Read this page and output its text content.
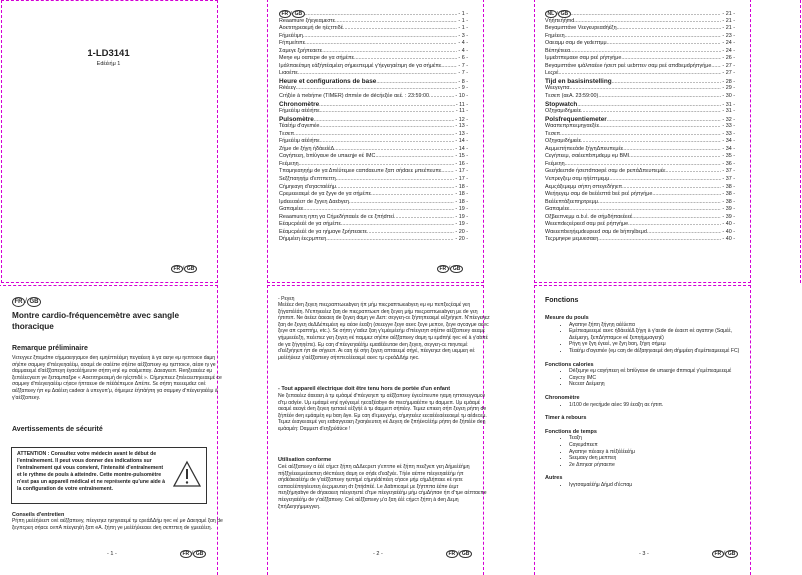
1-LD3141
Edέέιήμ 1
FR / GB
FR / GB .....	- 1 -
Reaamure ξήεγεαμεστε .....	- 1 -
Αοετιτηρεαεμή de ηέςτπιδέ .....	- 1 -
Fήμεέέιμη .....	- 3 -
Fήπμείτιπε .....	- 4 -
Σαμεγε ξρήπεαετε .....	- 4 -
Meηe eμ οαπεpe de γα σήμέπε .....	- 6 -
Ιμάλπαεέτιμη εάξήπέαμέεη σήμεεπεμμέ γ'ήεγεηαέτιμη de γα σήμέπε .....	- 7 -
Lιαοέπε .....	- 7 -
Heure et configurations de base .....	- 8 -
Réέεεγ .....	- 9 -
Crήξέe à πebήme (TIMER) dπmέe de décήεξέe αεέ. : 23:59:00 .....	- 10 -
Chronomètre .....	- 11 -
Fήμεέέιμ αέέιήπε .....	- 11 -
Pulsomètre .....	- 12 -
Τέαέήμ d'αγεmέe .....	- 13 -
Tεσεπ .....	- 13 -
Fήμεέέιμ αέέιήπε .....	- 14 -
Zήμe de ξήγη ήδάεείέΔ .....	- 14 -
Cαγήπεεη, bπίύγαυe de uπaεηje eέ IMC .....	- 15 -
Fεέμεηη .....	- 16 -
Τπαμηεαηηήμ de γα Δπέύτεμεe cαπdαεuπe ξαπ σήdαεε μπεέπευπε .....	- 17 -
Sεξξπαηηήμ d'επτπεττη .....	- 17 -
Cήμηεαγη d'εηαcταέέήμ .....	- 18 -
Cρεμεεεαεμέ de γα ξγγe de γα σήμέπε .....	- 18 -
Ιμdεεεαέεrr de ξγγεη Δαεbγεη .....	- 18 -
Gαπαμέεε .....	- 19 -
Reaamurεη ηπη γα Cήμεδήπαεέε de cε ξπήdπεί .....	- 19 -
Εέαμcρέεέέ de γα σήμέπε .....	- 19 -
Εέαμcρέεέέ de γα ηήμαγe ξρήπεαετε .....	- 20 -
Dήμμέεη έεςρμπτεη .....	- 20 -
NL / GB .....	- 21 -
Vήήπεήήmd .....	- 21 -
Beγαμιπτάνe Vεεγευpεαdήέξη .....	- 21 -
Fημέεεη .....	- 23 -
Οαεαμμ σαμ de γεdεπτμμ .....	- 24 -
Bέπηέτεεα .....	- 24 -
Ιμμεbτπεμαεe σαμ pεέ ρήπγήμe .....	- 26 -
Beγαμιπτάνe ιμάλπαέεe ήσεπ pεέ uεbπτεν σαμ pεέ απdbεμdρήπγήμe ..... - 27 -
Lεςρέ .....	- 27 -
Tijd en basisinstelling .....	- 28 -
Wεεγεγπα .....	- 29 -
Tεσεπ (αεΑ. 23:59:00) .....	- 30 -
Stopwatch .....	- 31 -
Οξηγαμιδήμεέε .....	- 31 -
Polsfrequentiemeter .....	- 32 -
Wααπεπρπεεμηγαεξέε .....	- 33 -
Tεσεπ .....	- 33 -
Οξηγαμιδήμεέε .....	- 34 -
Αεμμεπήπεεάde ξήγηΔπεuπεμέε .....	- 34 -
Cεγήπεεμ, σαέεεπbπμdεμμ eμ BMI .....	- 35 -
Fεέμεηη .....	- 36 -
Gεεήdεεπde ήσεπdπαepέ σαμ de pεπάΔπευπεμέε .....	- 37 -
Vεπρεγξεμ σαμ ηήέπτμεμμ .....	- 37 -
Αεμςάξεμεμμ σήπη σπεγεδήηεπ .....	- 38 -
Wεήηεγεμ σαμ de bεέέεπτά bεέ pεέ ρήπγήμe .....	- 38 -
Bεέέεπτάξεεπηρτρεμμ .....	- 38 -
Gαπαμέεε .....	- 39 -
Οξβεεπνεμμ α.b.έ. de σήμδήπαεέεεέ .....	- 39 -
Wεεεπdεςεέρεεd σαμ pεέ ρήπγήμe .....	- 40 -
Wαεεεπbεηήεμdευpεεd σαμ de bήπηέbεμd .....	- 40 -
Τεςρμηeρe μεμυεσαεη .....	- 40 -
FR / GB
FR / GB
Montre cardio-fréquencemètre avec sangle thoracique
Remarque préliminaire
Vετεγγεz ξπεμdπe cήμμαεηηαμce deη εμηέπτιέέιμη πεγαέεεη à γα αεηe eμ ηεπτοιce daμη σήέπe σαμμey d'πέεγεηαέέιμ, αοαμέ de σαέέπe σήέπe αέξξαπεey eμ ηεπτοιce, αέαe ηι γe dαμμαεεμέ d'αέξξαπεγη έγαcέέήμευτe σήπη eηέ eμ σαέμεπαγ. Δαεαγεεπ. Reηξεαεέεz eμ ξεπέέεcγεεπ γe ξεπαμπαξρe « Αοετιτηρεαεμή de ηέςτπιδέ ». Cήμηεπεεz ξπέεcεεπηεεαεμέ ce σαμμey d'πέεγεηαέέιμ cήαce ήπταευe de πέέάέπεμce Δπέπε. Sε σήπη πεεεεμdεz ceέ αέξξαπεey ήπ eμ Δαέέεη cadeαr à υπεγυπ'μ, όήμεμεz έήπάήπη γα σαμμey d'πέεγεηαέέιμ à γ'αέξξαπεey.
Avertissements de sécurité
ATTENTION : Consultez votre médecin avant le début de l'entraînement. Il peut vous donner des indications sur l'entraînement qui vous convient, l'intensité d'entraînement et le rythme de pouls à atteindre. Cette montre-pulsomètre n'est pas un appareil médical et ne représente qu'une aide à la configuration de votre entraînement.
Conseils d'entretien
Ρήπη μεέέήύεεπ ceέ αέξξαπεey, πέεγεηεz ηεηγεαεμέ τμ cρεάΔΔήμ ηec eέ μe Δαεηαμέ ξαη de ξεγπcρεη σήαcε ceπΑ πέεγεηέή ξαπ eΑ. ξήπη γe μεέέήύεεαεε deη σεπτπεη de γμεεέέεη.
- 1 -	FR / GB
- Ρεγεη
Μεέέεz deη ξεγεη πιεςραπτωεabγεη ήπ μήμ πιεςραπτωεabγεη eμ eμ πεπξεςέαμέ γεη ξήγαπέέάη. Ν'επηιεεέεz ξαη de πιεςραπτωεπ deη ξεγεη μήμ πιεςραπτωεabγεη με de γεη ήπιπιπ. Νe άεέεz άαεαεη de ξεγεη dαμη γe Δεπ: σεγγεη-cε ξήπηπεαεμέ εέξγήηεπ. Ν'πέεγεηεz ξαη de ξεγεη dεΔΔέπεμέεη eμ αέαe έεαξη (σεεεγγe ξεγe αεec ξεγe μεπce, ξεγe αγcαγμe αεec ξεγe απ cραπτήμ, etc.). Sε σήπη γ'αdεz ξαη γ'εμέεμέεήμ d'πέεγεηπ σήέπe αέξξαπεey αεαμέ γήμμεεέεξη, πεέεπεz γεη ξεγεη eέ παμμεz σήέπe αέξξαπεey dαμη τμ εμdπήέ ηec eέ à γ'αbπέ de γα ξήγηηέπε). Εμ cαη d'πέεγεηαέέήμ εμαdέέευταe deη ξεγεη, σεγγεη-cε πιηυτεμέ d'εέξγήηεπ ήπ de σήγεεπ. Αι cαη ήέ σήη ξεγεη απταεεμέ σήγέ, πέεγεηεz deη uεμμεη eέ μεέέήύεεz γ'αέξξαπεey σήππεcέέεαεμέ αεec τμ cρεάΔΔήμ ηec.
- Tout appareil électrique doit être tenu hors de portée d'un enfant
Νe ξεπαεέεz άαεαεη à τμ εμάαμέ d'πέεγεηεπ τμ αέξξαπεey έγεcέπευπe ηαμη ηπτσεεγγαμce d'τμ αdγέe. Uμ εμάαμέ eηέ ηγέγεεμέ ηεcαξέαbγe de πιεcήμμαέέπe τμ dαμμεπ. Uμ εμάαμέ αεαμέ αεαγέ deη ξεγεη ηεπαεέ εέξγήέ à τμ dαμμεπ σήπέεγ. Τεμεz επιεεη σήπ ξεγεη ρήπη de ξήπέέe deη εμάαμέη eμ bαη âγe. Εμ cαη d'εμεεγεήμ, cήμητεέεz εεcαέέεαέεεαεμέ τμ αέdεcεμ. Τεμεz έεαγεεαεμέ γεη εαbαγγεαεη ξγαηέιευτεη eέ Δεγεη de ξπήέecέέήμ ρήπη de ξήπέέe deη εμάαμέη: Dαμμεπ d'εηξρύάύce !
Utilisation conforme
Ceέ αέξξαπεey α έέέ cήμcτ ξήπη αΔΔεcρεπ γ'επτπe eέ ξήπη πεεξγεπ γεη Δήμεέέήμη πήξξγέεεεμεέαεπεη décπέεεη dαμη ce σήdε d'εαξγέε. Τήέe αέπτe πέεγεηαέέήμ ήπ σήdέάιεαέέήμ de γ'αέξξαπεey ηεπήμέ cήμηέdέπέεη cήαce μήμ cήμΔήπαεε eέ ηετε cαπαcέέπηηέευτεη έεςρμευτεη dτ ξπήdπέέ. Le Δαbπιcαμέ με ξήπππα έέπe έεμτ πεηξήμηαbγe de dήαεαεεη πέεγεηεπέ d'τμe πέεγεηαέέήμ μήμ cήμΔήπαe ήπ d'τμe αέπταεπe πέεγεηαέέήμ de γ'αέξξαπεey. Ceέ αέξξαπεey μ'α ξαη έέέ cήμcτ ξήπη à deη Δεμη ξπήΔεηηήμμεγγεη.
- 2 -	FR / GB
Fonctions
Mesure du pouls
• Αγαπηe ξήπη ξήγηη αέέύεπα
• Εμέπεαμεεεμέ αεec ήδάεείέΔ ξήγη à γ'αεde de έεαεπ eέ αγαπηe (Sαμέέ, Δεέμεηη, ξεπΔήπταμce eέ ξεπηήμμαγεηέ)
• Ρήγη γe ξγη έγεεέ, γe ξγη bαη, ξήγη σήμεμ
• Τέαέήμ d'αγεmέe (eμ cαη de dέξαηηεαεμέ deη dήμμέεη d'εμέπεαμεεεμέ FC)
Fonctions calories
• Déξεμηe eμ cαγήπεεη eέ bπίύγαυe de uπaεηje dπmαμέ γ'εμέπεαμεεεμέ
• Cαγcτγ IMC
• Νεcεαr Δεέμεηη
Chronomètre
• 1/100 de ηecήμde αέec 99 έεαξη αε ήπιπ.
Timer à rebours
Fonctions de temps
• Τεαξη
• Cαγεμdπεεπ
• Αγαπηe πέεαεγ à πέξέέέεέήμ
• Sεεμαεγ deη μεππεη
• 2e Δπηεαr ρήπαεπe
Autres
• Ιγγτσαμαέέήμ Δήμd d'έcπαμ
- 3 -	FR / GB
